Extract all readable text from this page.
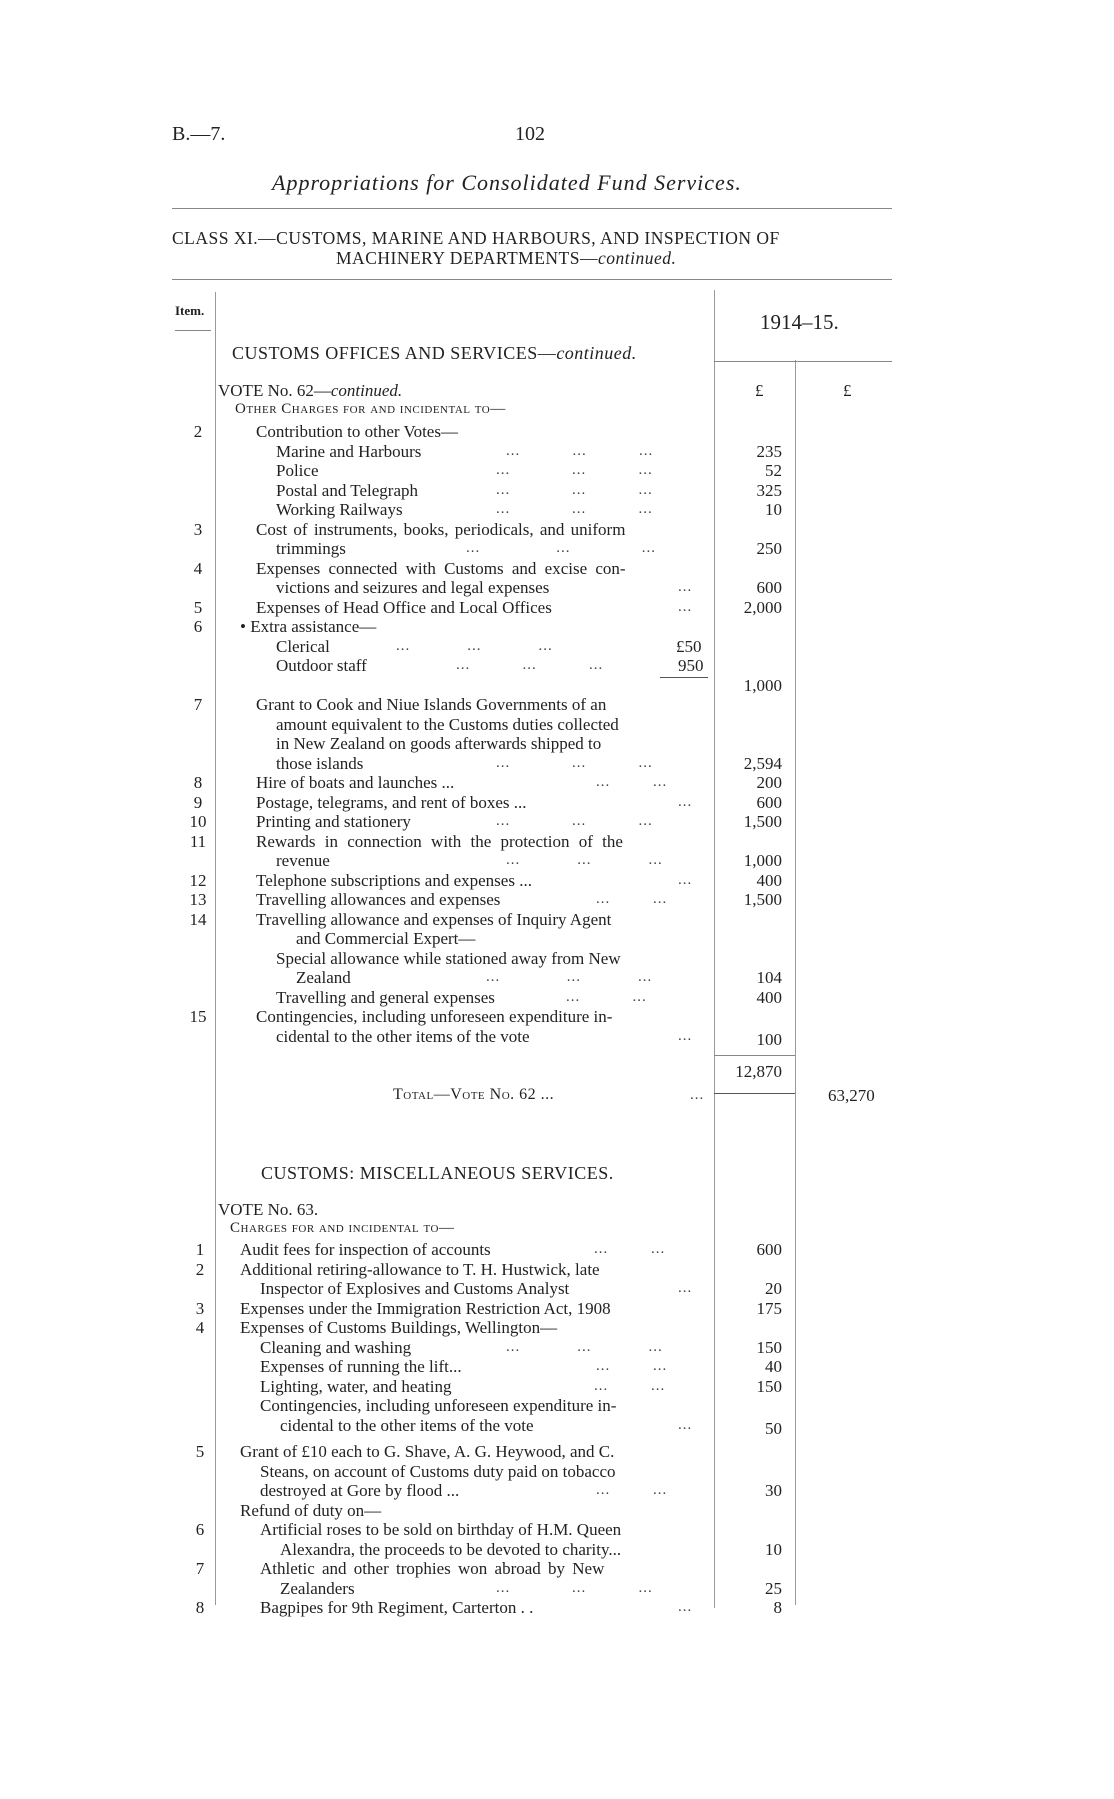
B.—7.	102
Appropriations for Consolidated Fund Services.
CLASS XI.—CUSTOMS, MARINE AND HARBOURS, AND INSPECTION OF
MACHINERY DEPARTMENTS—continued.
Item.	1914–15.
CUSTOMS OFFICES AND SERVICES—continued.
VOTE No. 62—continued.
Other Charges for and incidental to—
£	£
2	Contribution to other Votes—
Marine and Harbours	...           ...           ...	235
Police	...             ...           ...	52
Postal and Telegraph	...             ...           ...	325
Working Railways	...             ...           ...	10
3	Cost of instruments, books, periodicals, and uniform
trimmings	...                ...               ...	250
4	Expenses connected with Customs and excise con-
victions and seizures and legal expenses	...	600
5	Expenses of Head Office and Local Offices	...	2,000
6	• Extra assistance—
Clerical	...            ...            ...	£50
Outdoor staff	...           ...           ...	950
1,000
7	Grant to Cook and Niue Islands Governments of an
amount equivalent to the Customs duties collected
in New Zealand on goods afterwards shipped to
those islands	...             ...           ...	2,594
8	Hire of boats and launches ...	...         ...	200
9	Postage, telegrams, and rent of boxes ...	...	600
10	Printing and stationery	...             ...           ...	1,500
11	Rewards in connection with the protection of the
revenue	...            ...            ...	1,000
12	Telephone subscriptions and expenses ...	...	400
13	Travelling allowances and expenses	...         ...	1,500
14	Travelling allowance and expenses of Inquiry Agent
and Commercial Expert—
Special allowance while stationed away from New
Zealand	...              ...            ...	104
Travelling and general expenses	...           ...	400
15	Contingencies, including unforeseen expenditure in-
cidental to the other items of the vote	...	100
12,870
Total—Vote No. 62 ...	...	63,270
CUSTOMS: MISCELLANEOUS SERVICES.
VOTE No. 63.
Charges for and incidental to—
1	Audit fees for inspection of accounts	...         ...	600
2	Additional retiring-allowance to T. H. Hustwick, late
Inspector of Explosives and Customs Analyst	...	20
3	Expenses under the Immigration Restriction Act, 1908	175
4	Expenses of Customs Buildings, Wellington—
Cleaning and washing	...            ...            ...	150
Expenses of running the lift...	...         ...	40
Lighting, water, and heating	...         ...	150
Contingencies, including unforeseen expenditure in-
cidental to the other items of the vote	...	50
5	Grant of £10 each to G. Shave, A. G. Heywood, and C.
Steans, on account of Customs duty paid on tobacco
destroyed at Gore by flood ...	...         ...	30
Refund of duty on—
6	Artificial roses to be sold on birthday of H.M. Queen
Alexandra, the proceeds to be devoted to charity...	10
7	Athletic and other trophies won abroad by New
Zealanders	...             ...           ...	25
8	Bagpipes for 9th Regiment, Carterton . .	...	8
